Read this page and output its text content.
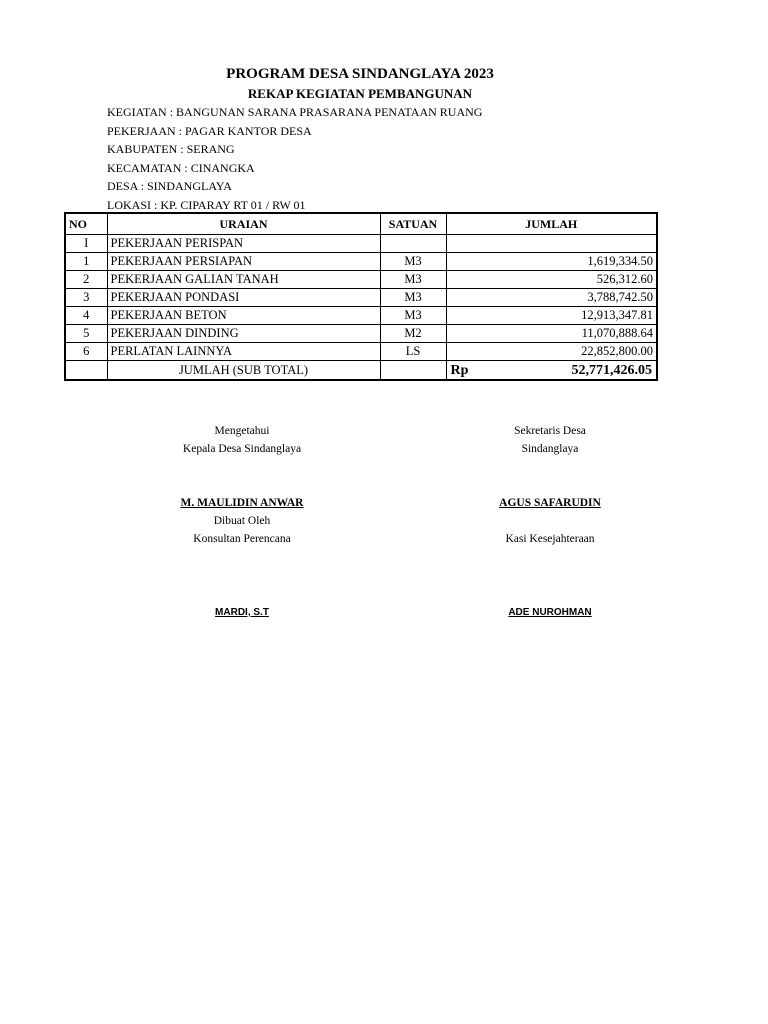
PROGRAM DESA SINDANGLAYA 2023
REKAP KEGIATAN PEMBANGUNAN
KEGIATAN : BANGUNAN SARANA PRASARANA PENATAAN RUANG
PEKERJAAN : PAGAR KANTOR DESA
KABUPATEN : SERANG
KECAMATAN : CINANGKA
DESA : SINDANGLAYA
LOKASI : KP. CIPARAY RT 01 / RW 01
NO	URAIAN	SATUAN	JUMLAH
I	PEKERJAAN PERISPAN		
1	PEKERJAAN PERSIAPAN	M3	1,619,334.50
2	PEKERJAAN GALIAN TANAH	M3	526,312.60
3	PEKERJAAN PONDASI	M3	3,788,742.50
4	PEKERJAAN BETON	M3	12,913,347.81
5	PEKERJAAN DINDING	M2	11,070,888.64
6	PERLATAN LAINNYA	LS	22,852,800.00
	JUMLAH (SUB TOTAL)		Rp 52,771,426.05
Mengetahui
Kepala Desa Sindanglaya
Sekretaris Desa
Sindanglaya
M. MAULIDIN ANWAR
Dibuat Oleh
Konsultan Perencana
AGUS SAFARUDIN
Kasi Kesejahteraan
MARDI, S.T	ADE NUROHMAN
